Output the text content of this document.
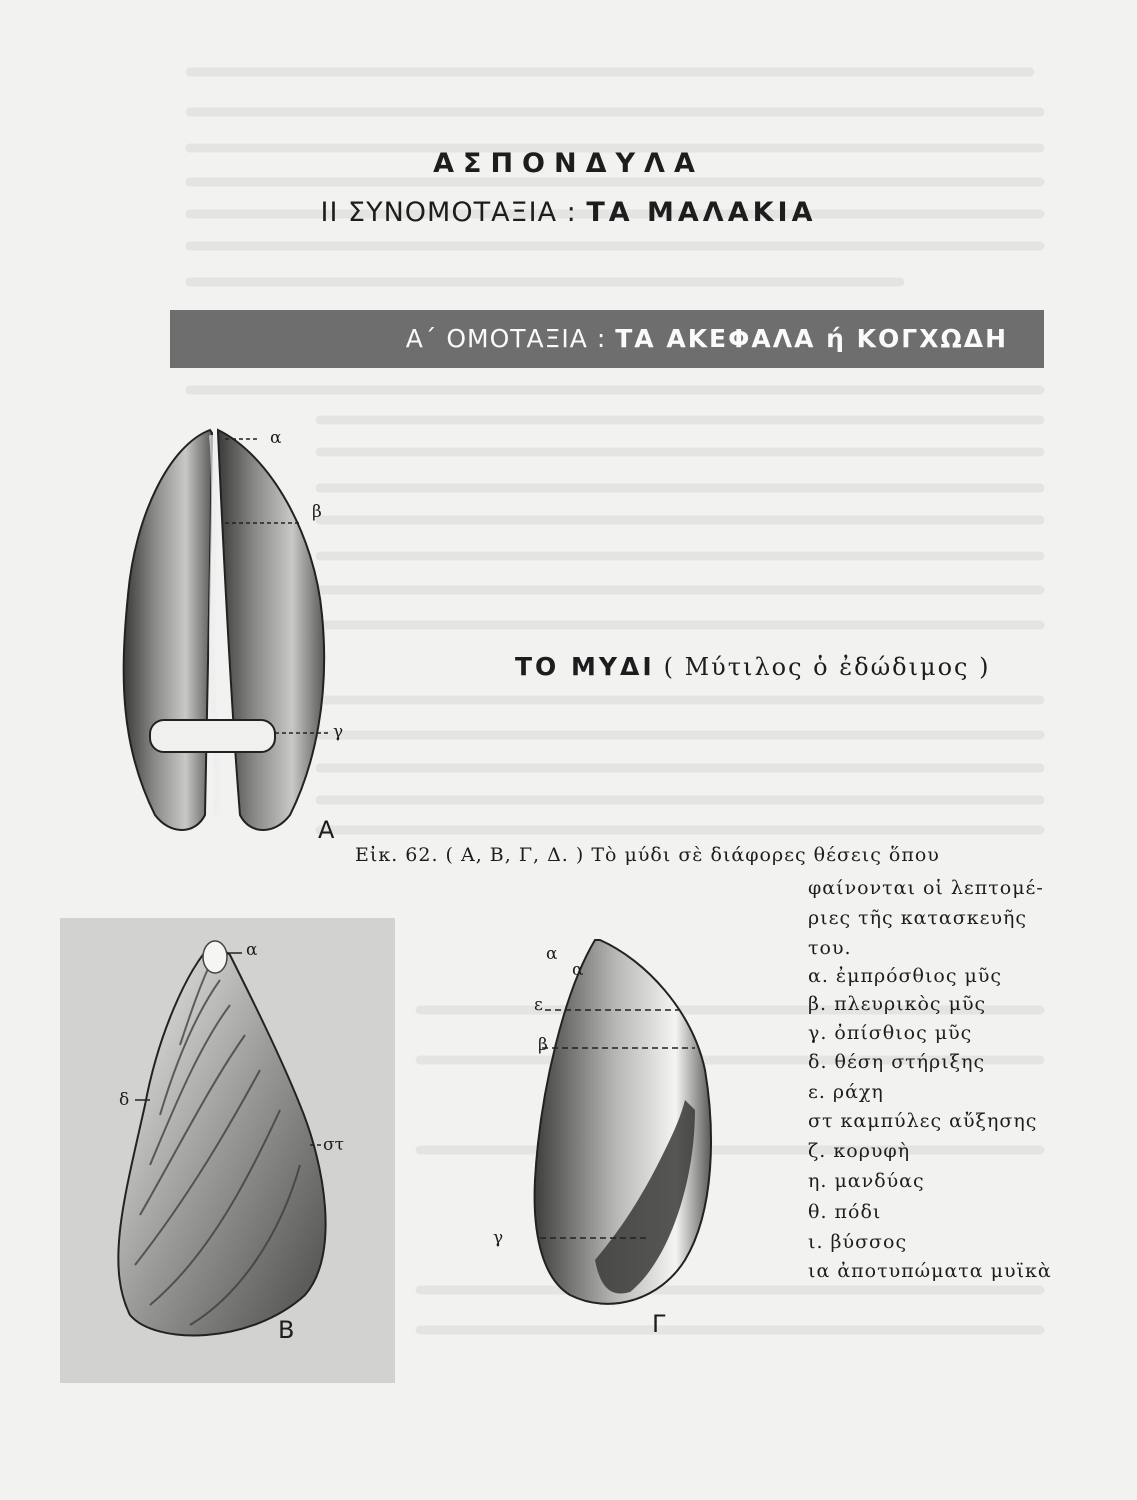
ΑΣΠΟΝΔΥΛΑ
II ΣΥΝΟΜΟΤΑΞΙΑ : ΤΑ ΜΑΛΑΚΙΑ
Α΄ ΟΜΟΤΑΞΙΑ : ΤΑ ΑΚΕΦΑΛΑ ή ΚΟΓΧΩΔΗ
α
β
γ
Α
ΤΟ ΜΥΔΙ ( Μύτιλος ὁ ἐδώδιμος )
Εἰκ. 62. ( Α, Β, Γ, Δ. ) Τὸ μύδι σὲ διάφορες θέσεις ὅπου
φαίνονται οἱ λεπτομέ-
ριες τῆς κατασκευῆς
του.
α. ἐμπρόσθιος μῦς
β. πλευρικὸς μῦς
γ. ὀπίσθιος μῦς
δ. θέση στήριξης
ε. ράχη
στ καμπύλες αὔξησης
ζ. κορυφὴ
η. μανδύας
θ. πόδι
ι. βύσσος
ια ἀποτυπώματα μυϊκὰ
α
δ
στ
Β
α
α
ε
β
γ
Γ
